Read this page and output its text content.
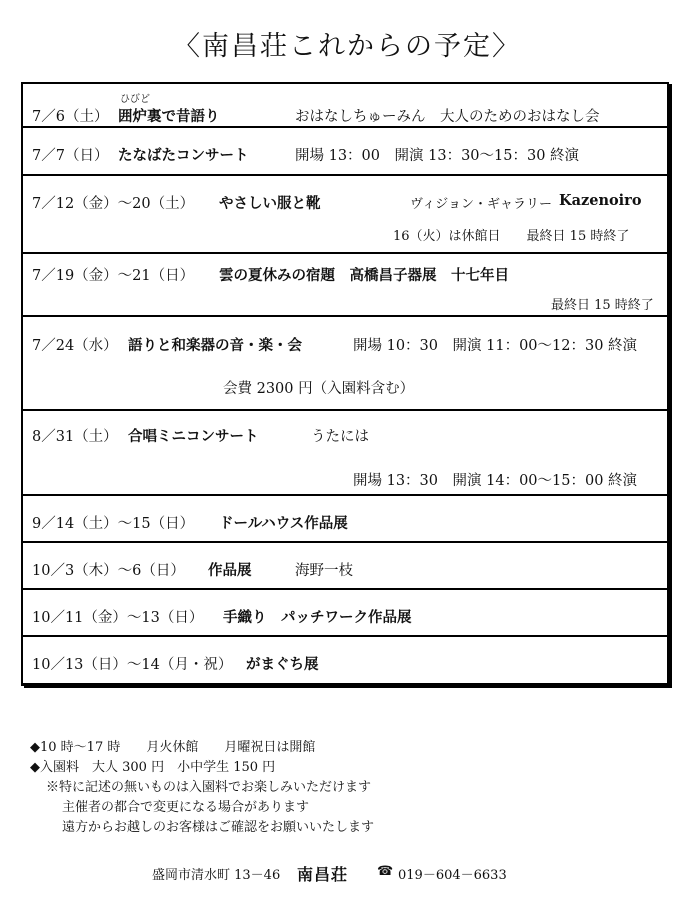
〈南昌荘これからの予定〉
ひびど
7／6（土） 囲炉裏で昔語り	おはなしちゅーみん　大人のためのおはなし会
7／7（日） たなばたコンサート	開場 13：00　開演 13：30〜15：30 終演
7／12（金）〜20（土） やさしい服と靴	ヴィジョン・ギャラリー Kazenoiro
16（火）は休館日　　最終日 15 時終了
7／19（金）〜21（日） 雲の夏休みの宿題　高橋昌子器展　十七年目
最終日 15 時終了
7／24（水） 語りと和楽器の音・楽・会	開場 10：30　開演 11：00〜12：30 終演
会費 2300 円（入園料含む）
8／31（土） 合唱ミニコンサート	うたには
開場 13：30　開演 14：00〜15：00 終演
9／14（土）〜15（日） ドールハウス作品展
10／3（木）〜6（日） 作品展	海野一枝
10／11（金）〜13（日） 手織り　パッチワーク作品展
10／13（日）〜14（月・祝） がまぐち展
◆10 時〜17 時　　月火休館　　月曜祝日は開館
◆入園料　大人 300 円　小中学生 150 円
※特に記述の無いものは入園料でお楽しみいただけます
主催者の都合で変更になる場合があります
遠方からお越しのお客様はご確認をお願いいたします
盛岡市清水町 13－46 南昌荘 ☎ 019－604－6633
